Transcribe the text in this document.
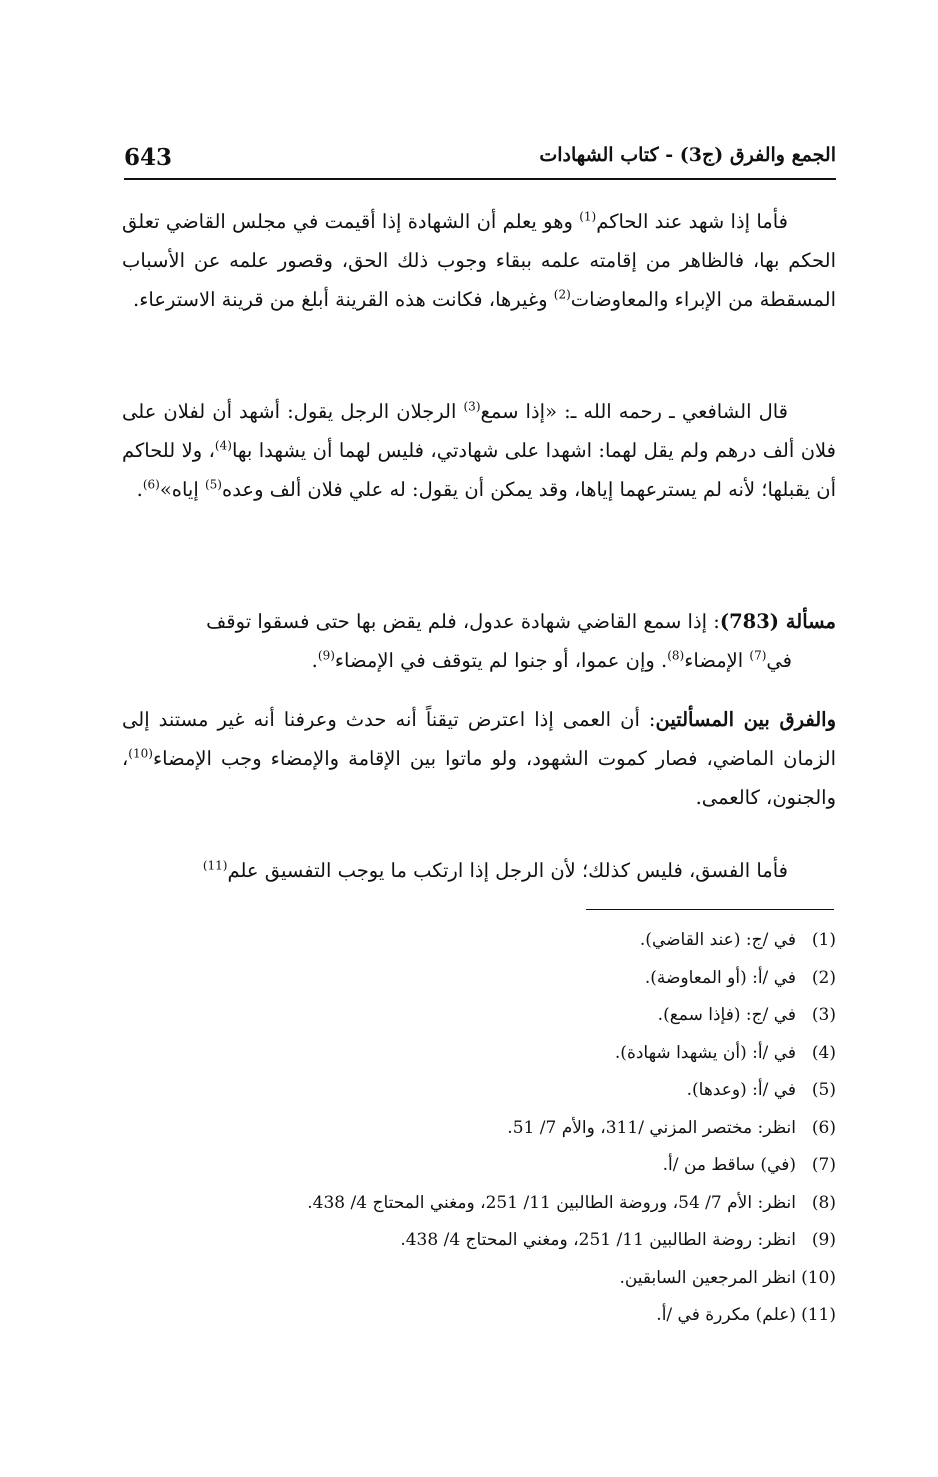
643	الجمع والفرق (ج3) - كتاب الشهادات
فأما إذا شهد عند الحاكم$^{(1)}$ وهو يعلم أن الشهادة إذا أقيمت في مجلس القاضي تعلق الحكم بها، فالظاهر من إقامته علمه ببقاء وجوب ذلك الحق، وقصور علمه عن الأسباب المسقطة من الإبراء والمعاوضات$^{(2)}$ وغيرها، فكانت هذه القرينة أبلغ من قرينة الاسترعاء.
قال الشافعي ـ رحمه الله ـ: «إذا سمع$^{(3)}$ الرجلان الرجل يقول: أشهد أن لفلان على فلان ألف درهم ولم يقل لهما: اشهدا على شهادتي، فليس لهما أن يشهدا بها$^{(4)}$، ولا للحاكم أن يقبلها؛ لأنه لم يسترعهما إياها، وقد يمكن أن يقول: له علي فلان ألف وعده$^{(5)}$ إياه»$^{(6)}$.
مسألة (783): إذا سمع القاضي شهادة عدول، فلم يقض بها حتى فسقوا توقف
في$^{(7)}$ الإمضاء$^{(8)}$. وإن عموا، أو جنوا لم يتوقف في الإمضاء$^{(9)}$.
والفرق بين المسألتين: أن العمى إذا اعترض تيقناً أنه حدث وعرفنا أنه غير مستند إلى الزمان الماضي، فصار كموت الشهود، ولو ماتوا بين الإقامة والإمضاء وجب الإمضاء$^{(10)}$، والجنون، كالعمى.
فأما الفسق، فليس كذلك؛ لأن الرجل إذا ارتكب ما يوجب التفسيق علم$^{(11)}$
(1)في /ج: (عند القاضي).
(2)في /أ: (أو المعاوضة).
(3)في /ج: (فإذا سمع).
(4)في /أ: (أن يشهدا شهادة).
(5)في /أ: (وعدها).
(6)انظر: مختصر المزني /311، والأم 7/ 51.
(7)(في) ساقط من /أ.
(8)انظر: الأم 7/ 54، وروضة الطالبين 11/ 251، ومغني المحتاج 4/ 438.
(9)انظر: روضة الطالبين 11/ 251، ومغني المحتاج 4/ 438.
(10)انظر المرجعين السابقين.
(11)(علم) مكررة في /أ.
